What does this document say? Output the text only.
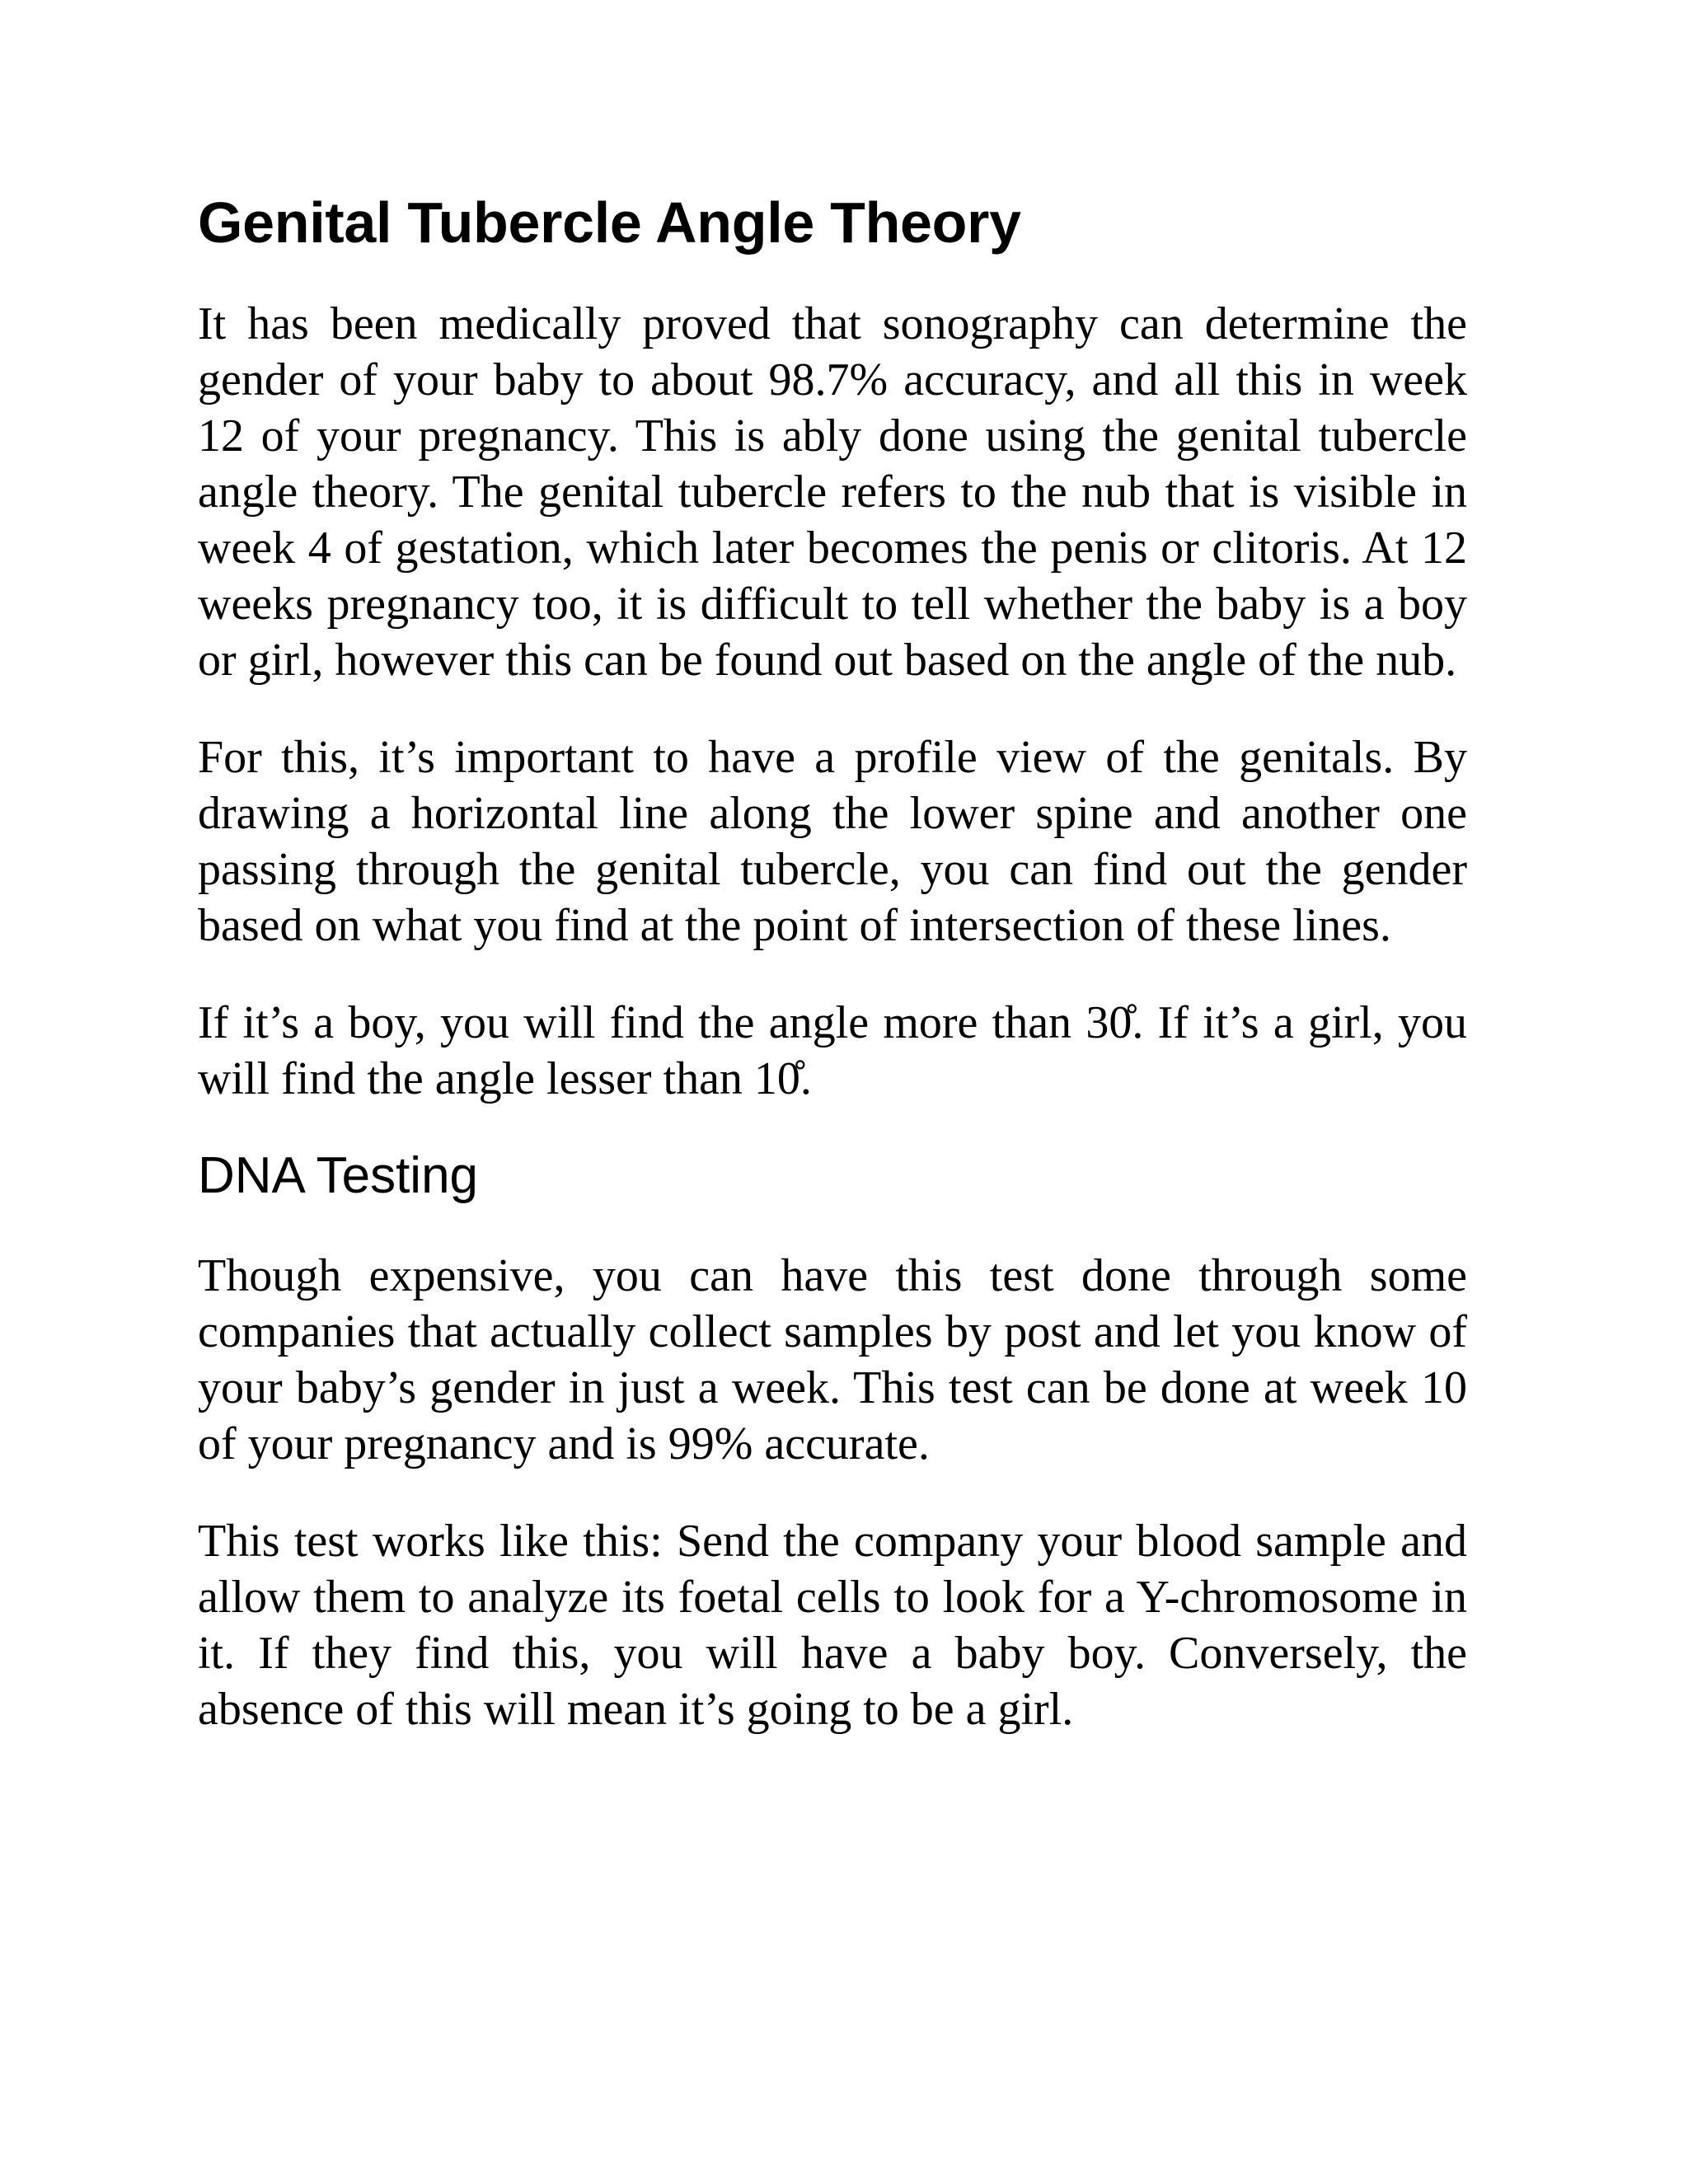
Genital Tubercle Angle Theory

It has been medically proved that sonography can determine the gender of your baby to about 98.7% accuracy, and all this in week 12 of your pregnancy. This is ably done using the genital tubercle angle theory. The genital tubercle refers to the nub that is visible in week 4 of gestation, which later becomes the penis or clitoris. At 12 weeks pregnancy too, it is difficult to tell whether the baby is a boy or girl, however this can be found out based on the angle of the nub.

For this, it’s important to have a profile view of the genitals. By drawing a horizontal line along the lower spine and another one passing through the genital tubercle, you can find out the gender based on what you find at the point of intersection of these lines.

If it’s a boy, you will find the angle more than 30̊. If it’s a girl, you will find the angle lesser than 10̊.

DNA Testing

Though expensive, you can have this test done through some companies that actually collect samples by post and let you know of your baby’s gender in just a week. This test can be done at week 10 of your pregnancy and is 99% accurate.

This test works like this: Send the company your blood sample and allow them to analyze its foetal cells to look for a Y-chromosome in it. If they find this, you will have a baby boy. Conversely, the absence of this will mean it’s going to be a girl.
